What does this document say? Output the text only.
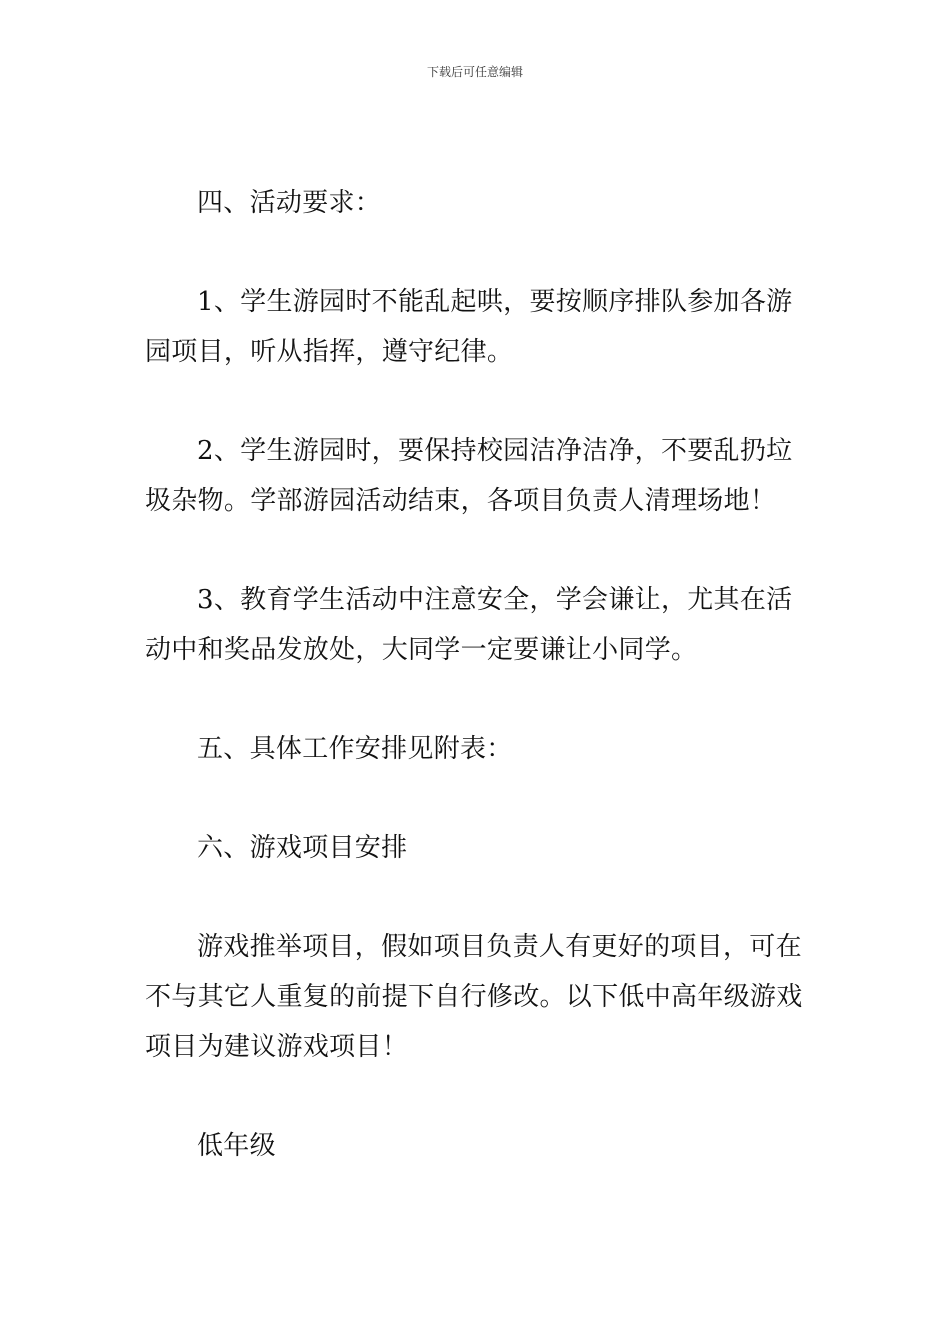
下载后可任意编辑

四、活动要求：

1、学生游园时不能乱起哄，要按顺序排队参加各游园项目，听从指挥，遵守纪律。

2、学生游园时，要保持校园洁净洁净，不要乱扔垃圾杂物。学部游园活动结束，各项目负责人清理场地！

3、教育学生活动中注意安全，学会谦让，尤其在活动中和奖品发放处，大同学一定要谦让小同学。

五、具体工作安排见附表：

六、游戏项目安排

游戏推举项目，假如项目负责人有更好的项目，可在不与其它人重复的前提下自行修改。以下低中高年级游戏项目为建议游戏项目！

低年级
